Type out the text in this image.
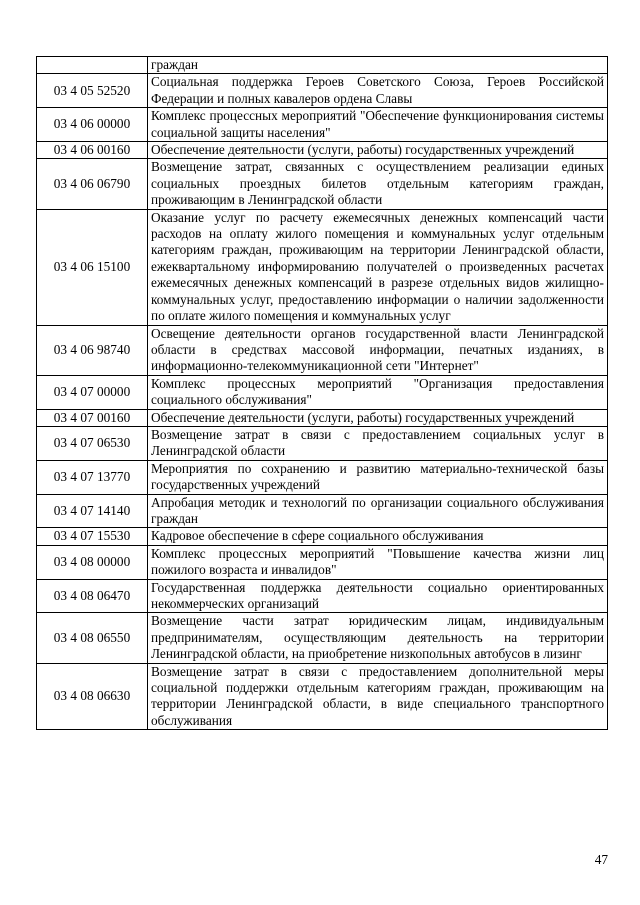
	граждан
03 4 05 52520	Социальная поддержка Героев Советского Союза, Героев Российской Федерации и полных кавалеров ордена Славы
03 4 06 00000	Комплекс процессных мероприятий "Обеспечение функционирования системы социальной защиты населения"
03 4 06 00160	Обеспечение деятельности (услуги, работы) государственных учреждений
03 4 06 06790	Возмещение затрат, связанных с осуществлением реализации единых социальных проездных билетов отдельным категориям граждан, проживающим в Ленинградской области
03 4 06 15100	Оказание услуг по расчету ежемесячных денежных компенсаций части расходов на оплату жилого помещения и коммунальных услуг отдельным категориям граждан, проживающим на территории Ленинградской области, ежеквартальному информированию получателей о произведенных расчетах ежемесячных денежных компенсаций в разрезе отдельных видов жилищно-коммунальных услуг, предоставлению информации о наличии задолженности по оплате жилого помещения и коммунальных услуг
03 4 06 98740	Освещение деятельности органов государственной власти Ленинградской области в средствах массовой информации, печатных изданиях, в информационно-телекоммуникационной сети "Интернет"
03 4 07 00000	Комплекс процессных мероприятий "Организация предоставления социального обслуживания"
03 4 07 00160	Обеспечение деятельности (услуги, работы) государственных учреждений
03 4 07 06530	Возмещение затрат в связи с предоставлением социальных услуг в Ленинградской области
03 4 07 13770	Мероприятия по сохранению и развитию материально-технической базы государственных учреждений
03 4 07 14140	Апробация методик и технологий по организации социального обслуживания граждан
03 4 07 15530	Кадровое обеспечение в сфере социального обслуживания
03 4 08 00000	Комплекс процессных мероприятий "Повышение качества жизни лиц пожилого возраста и инвалидов"
03 4 08 06470	Государственная поддержка деятельности социально ориентированных некоммерческих организаций
03 4 08 06550	Возмещение части затрат юридическим лицам, индивидуальным предпринимателям, осуществляющим деятельность на территории Ленинградской области, на приобретение низкопольных автобусов в лизинг
03 4 08 06630	Возмещение затрат в связи с предоставлением дополнительной меры социальной поддержки отдельным категориям граждан, проживающим на территории Ленинградской области, в виде специального транспортного обслуживания
47
